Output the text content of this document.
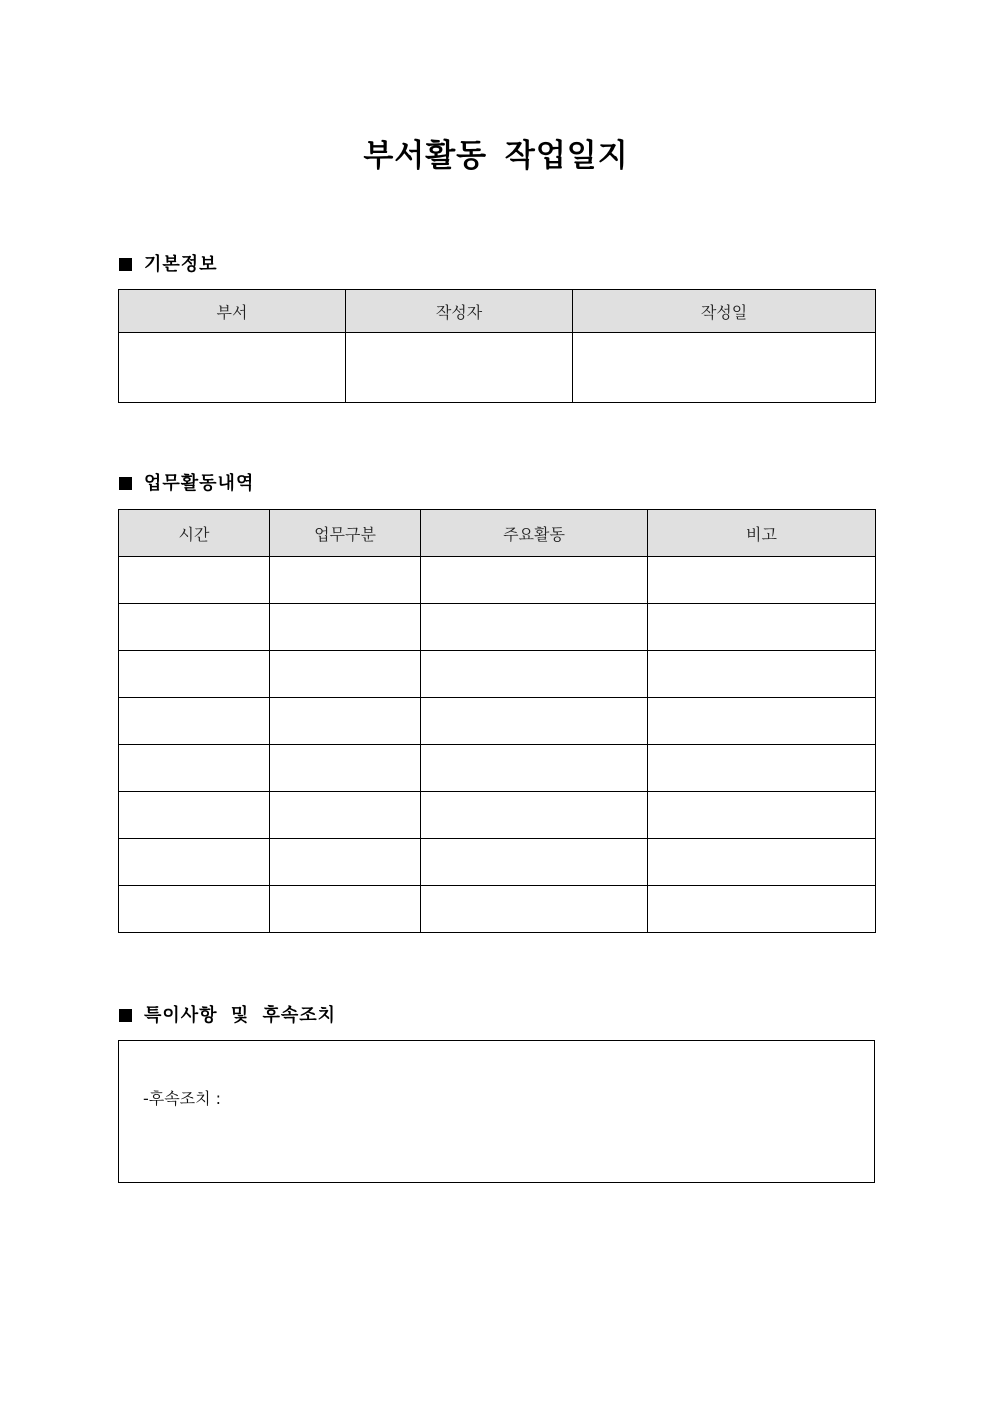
부서활동 작업일지
기본정보
부서	작성자	작성일

업무활동내역
시간	업무구분	주요활동	비고

특이사항 및 후속조치
-후속조치 :
